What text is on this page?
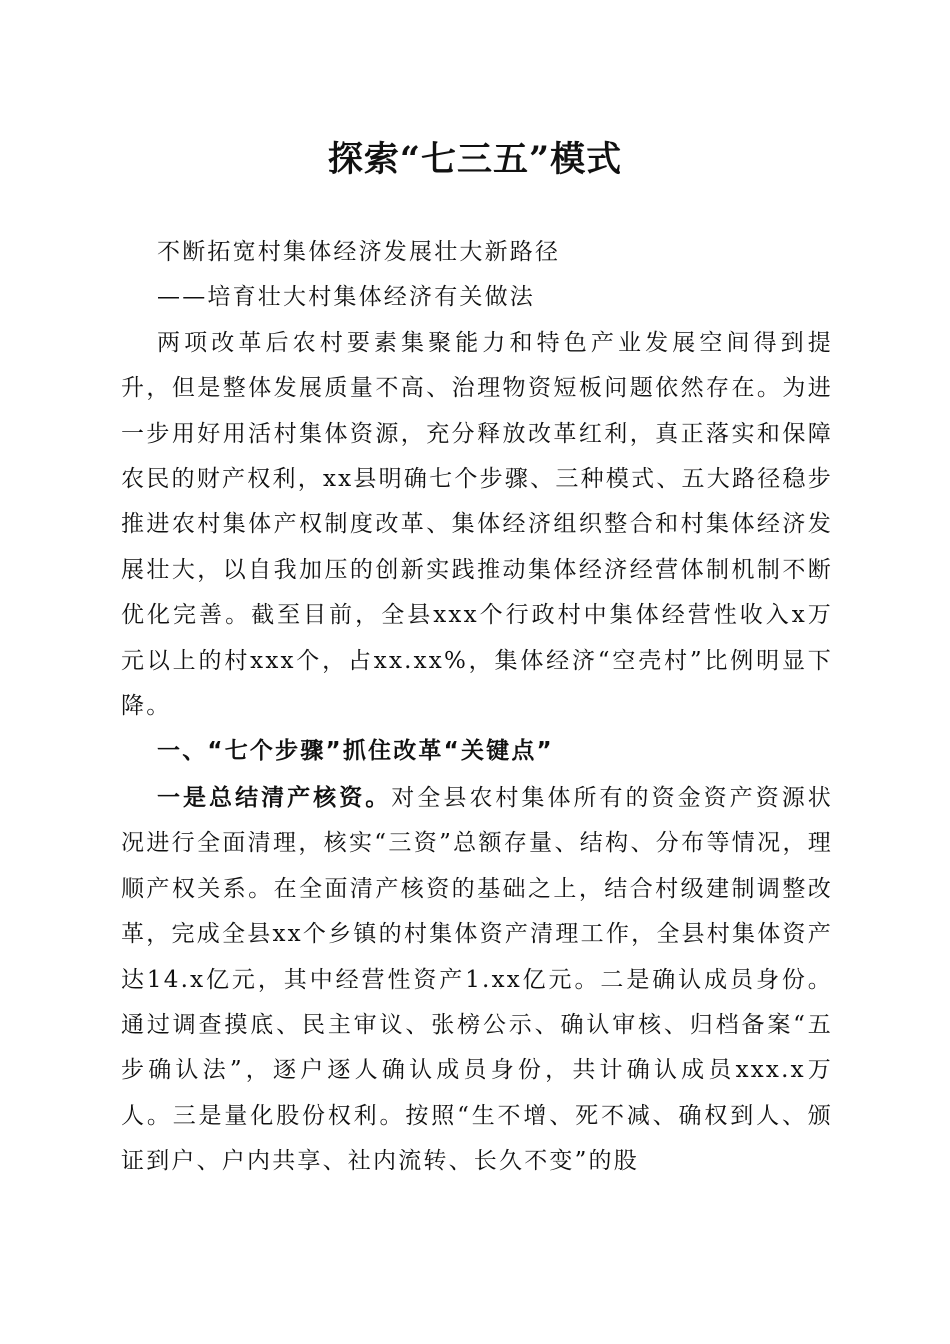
探索“七三五”模式

不断拓宽村集体经济发展壮大新路径

——培育壮大村集体经济有关做法

两项改革后农村要素集聚能力和特色产业发展空间得到提升，但是整体发展质量不高、治理物资短板问题依然存在。为进一步用好用活村集体资源，充分释放改革红利，真正落实和保障农民的财产权利，xx县明确七个步骤、三种模式、五大路径稳步推进农村集体产权制度改革、集体经济组织整合和村集体经济发展壮大，以自我加压的创新实践推动集体经济经营体制机制不断优化完善。截至目前，全县xxx个行政村中集体经营性收入x万元以上的村xxx个，占xx.xx%，集体经济“空壳村”比例明显下降。

一、“七个步骤”抓住改革“关键点”

一是总结清产核资。对全县农村集体所有的资金资产资源状况进行全面清理，核实“三资”总额存量、结构、分布等情况，理顺产权关系。在全面清产核资的基础之上，结合村级建制调整改革，完成全县xx个乡镇的村集体资产清理工作，全县村集体资产达14.x亿元，其中经营性资产1.xx亿元。二是确认成员身份。通过调查摸底、民主审议、张榜公示、确认审核、归档备案“五步确认法”，逐户逐人确认成员身份，共计确认成员xxx.x万人。三是量化股份权利。按照“生不增、死不减、确权到人、颁证到户、户内共享、社内流转、长久不变”的股
